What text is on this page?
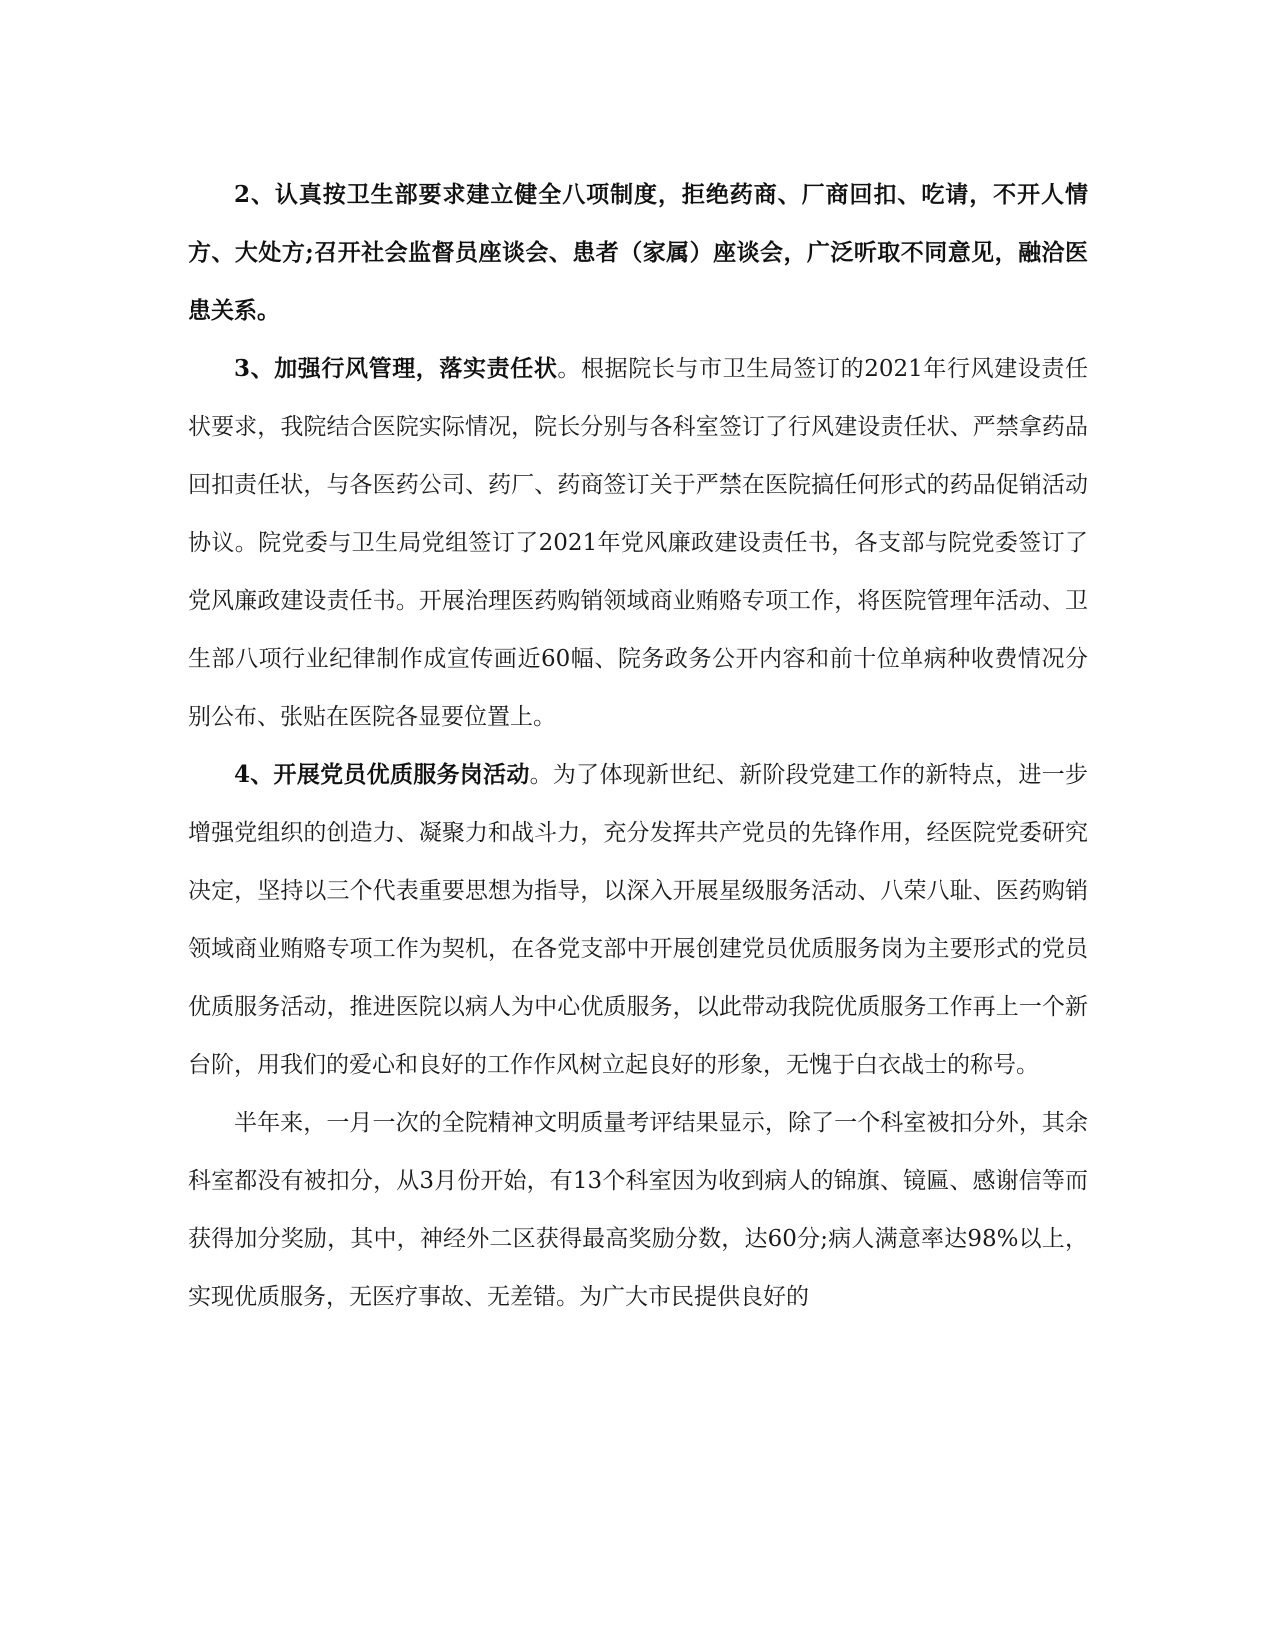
2、认真按卫生部要求建立健全八项制度，拒绝药商、厂商回扣、吃请，不开人情方、大处方;召开社会监督员座谈会、患者（家属）座谈会，广泛听取不同意见，融洽医患关系。

3、加强行风管理，落实责任状。根据院长与市卫生局签订的2021年行风建设责任状要求，我院结合医院实际情况，院长分别与各科室签订了行风建设责任状、严禁拿药品回扣责任状，与各医药公司、药厂、药商签订关于严禁在医院搞任何形式的药品促销活动协议。院党委与卫生局党组签订了2021年党风廉政建设责任书，各支部与院党委签订了党风廉政建设责任书。开展治理医药购销领域商业贿赂专项工作，将医院管理年活动、卫生部八项行业纪律制作成宣传画近60幅、院务政务公开内容和前十位单病种收费情况分别公布、张贴在医院各显要位置上。

4、开展党员优质服务岗活动。为了体现新世纪、新阶段党建工作的新特点，进一步增强党组织的创造力、凝聚力和战斗力，充分发挥共产党员的先锋作用，经医院党委研究决定，坚持以三个代表重要思想为指导，以深入开展星级服务活动、八荣八耻、医药购销领域商业贿赂专项工作为契机，在各党支部中开展创建党员优质服务岗为主要形式的党员优质服务活动，推进医院以病人为中心优质服务，以此带动我院优质服务工作再上一个新台阶，用我们的爱心和良好的工作作风树立起良好的形象，无愧于白衣战士的称号。

半年来，一月一次的全院精神文明质量考评结果显示，除了一个科室被扣分外，其余科室都没有被扣分，从3月份开始，有13个科室因为收到病人的锦旗、镜匾、感谢信等而获得加分奖励，其中，神经外二区获得最高奖励分数，达60分;病人满意率达98%以上，实现优质服务，无医疗事故、无差错。为广大市民提供良好的
